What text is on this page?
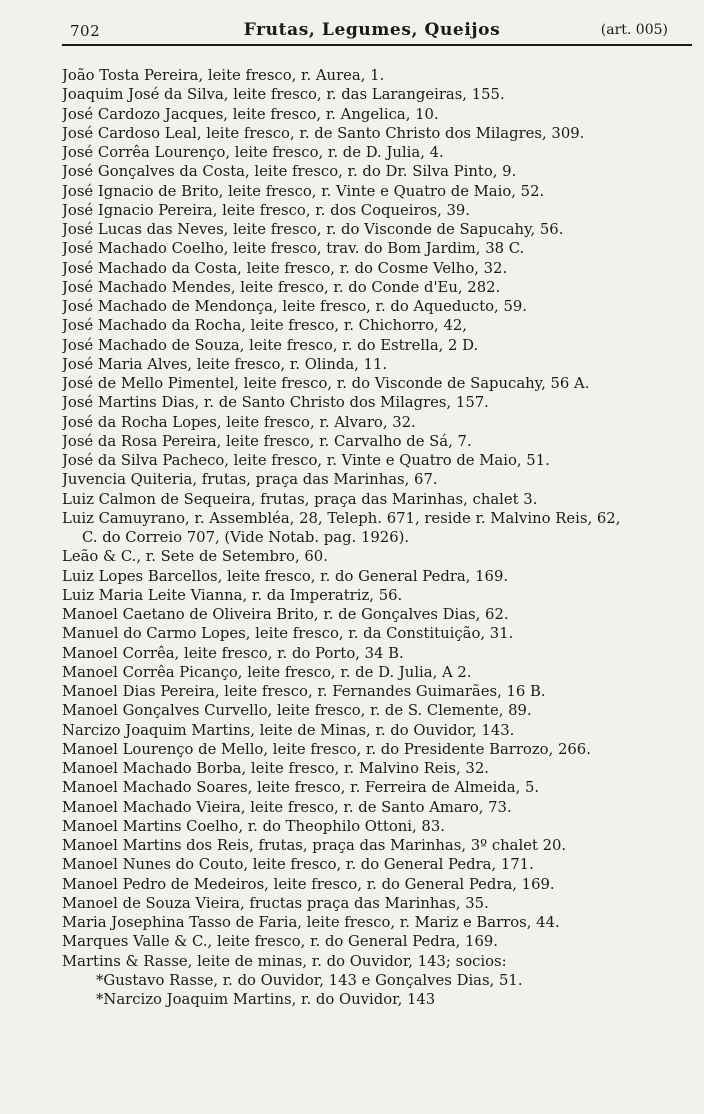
702	Frutas, Legumes, Queijos	(art. 005)
João Tosta Pereira, leite fresco, r. Aurea, 1.
Joaquim José da Silva, leite fresco, r. das Larangeiras, 155.
José Cardozo Jacques, leite fresco, r. Angelica, 10.
José Cardoso Leal, leite fresco, r. de Santo Christo dos Milagres, 309.
José Corrêa Lourenço, leite fresco, r. de D. Julia, 4.
José Gonçalves da Costa, leite fresco, r. do Dr. Silva Pinto, 9.
José Ignacio de Brito, leite fresco, r. Vinte e Quatro de Maio, 52.
José Ignacio Pereira, leite fresco, r. dos Coqueiros, 39.
José Lucas das Neves, leite fresco, r. do Visconde de Sapucahy, 56.
José Machado Coelho, leite fresco, trav. do Bom Jardim, 38 C.
José Machado da Costa, leite fresco, r. do Cosme Velho, 32.
José Machado Mendes, leite fresco, r. do Conde d'Eu, 282.
José Machado de Mendonça, leite fresco, r. do Aqueducto, 59.
José Machado da Rocha, leite fresco, r. Chichorro, 42,
José Machado de Souza, leite fresco, r. do Estrella, 2 D.
José Maria Alves, leite fresco, r. Olinda, 11.
José de Mello Pimentel, leite fresco, r. do Visconde de Sapucahy, 56 A.
José Martins Dias, r. de Santo Christo dos Milagres, 157.
José da Rocha Lopes, leite fresco, r. Alvaro, 32.
José da Rosa Pereira, leite fresco, r. Carvalho de Sá, 7.
José da Silva Pacheco, leite fresco, r. Vinte e Quatro de Maio, 51.
Juvencia Quiteria, frutas, praça das Marinhas, 67.
Luiz Calmon de Sequeira, frutas, praça das Marinhas, chalet 3.
Luiz Camuyrano, r. Assembléa, 28, Teleph. 671, reside r. Malvino Reis, 62,
C. do Correio 707, (Vide Notab. pag. 1926).
Leão & C., r. Sete de Setembro, 60.
Luiz Lopes Barcellos, leite fresco, r. do General Pedra, 169.
Luiz Maria Leite Vianna, r. da Imperatriz, 56.
Manoel Caetano de Oliveira Brito, r. de Gonçalves Dias, 62.
Manuel do Carmo Lopes, leite fresco, r. da Constituição, 31.
Manoel Corrêa, leite fresco, r. do Porto, 34 B.
Manoel Corrêa Picanço, leite fresco, r. de D. Julia, A 2.
Manoel Dias Pereira, leite fresco, r. Fernandes Guimarães, 16 B.
Manoel Gonçalves Curvello, leite fresco, r. de S. Clemente, 89.
Narcizo Joaquim Martins, leite de Minas, r. do Ouvidor, 143.
Manoel Lourenço de Mello, leite fresco, r. do Presidente Barrozo, 266.
Manoel Machado Borba, leite fresco, r. Malvino Reis, 32.
Manoel Machado Soares, leite fresco, r. Ferreira de Almeida, 5.
Manoel Machado Vieira, leite fresco, r. de Santo Amaro, 73.
Manoel Martins Coelho, r. do Theophilo Ottoni, 83.
Manoel Martins dos Reis, frutas, praça das Marinhas, 3º chalet 20.
Manoel Nunes do Couto, leite fresco, r. do General Pedra, 171.
Manoel Pedro de Medeiros, leite fresco, r. do General Pedra, 169.
Manoel de Souza Vieira, fructas praça das Marinhas, 35.
Maria Josephina Tasso de Faria, leite fresco, r. Mariz e Barros, 44.
Marques Valle & C., leite fresco, r. do General Pedra, 169.
Martins & Rasse, leite de minas, r. do Ouvidor, 143; socios:
*Gustavo Rasse, r. do Ouvidor, 143 e Gonçalves Dias, 51.
*Narcizo Joaquim Martins, r. do Ouvidor, 143
